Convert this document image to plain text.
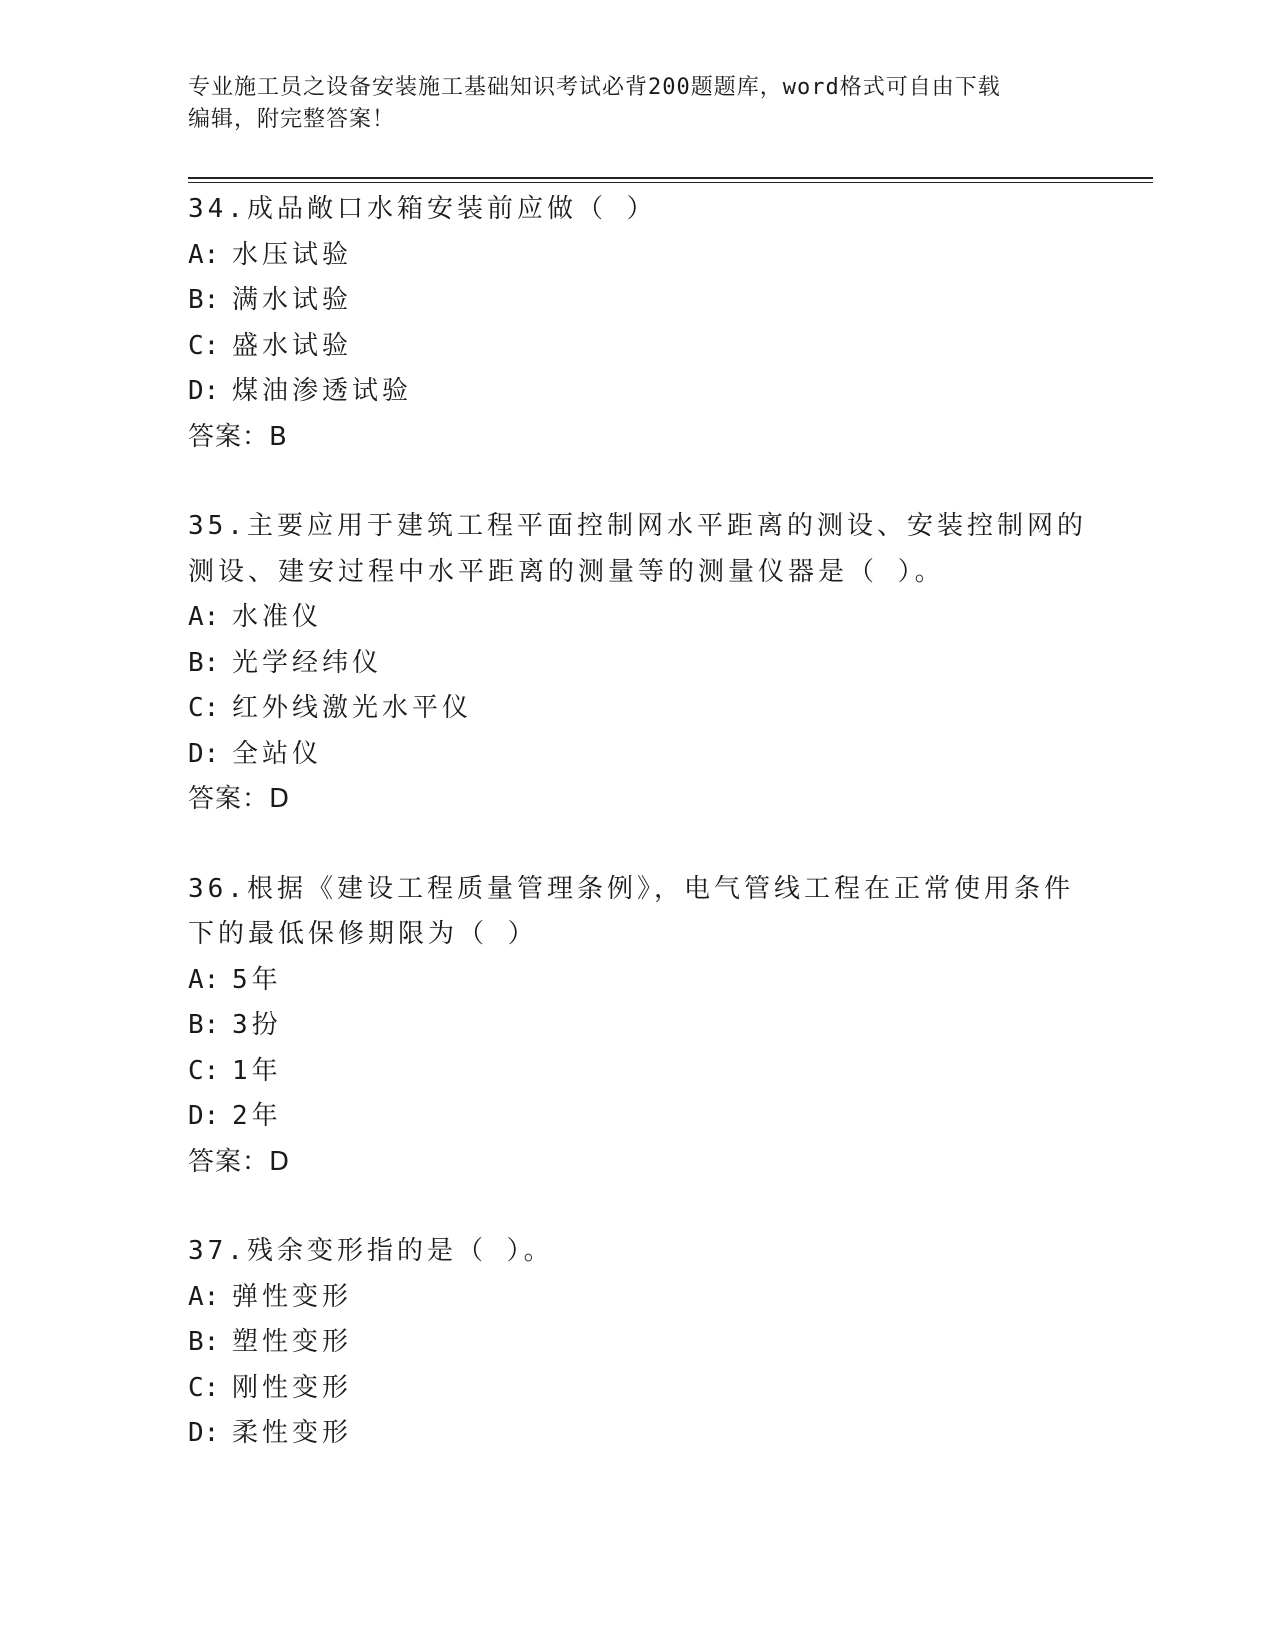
专业施工员之设备安装施工基础知识考试必背200题题库，word格式可自由下载
编辑，附完整答案！
34.成品敞口水箱安装前应做（ ）
A: 水压试验
B: 满水试验
C: 盛水试验
D: 煤油渗透试验
答案：B
35.主要应用于建筑工程平面控制网水平距离的测设、安装控制网的测设、建安过程中水平距离的测量等的测量仪器是（ ）。
A: 水准仪
B: 光学经纬仪
C: 红外线激光水平仪
D: 全站仪
答案：D
36.根据《建设工程质量管理条例》，电气管线工程在正常使用条件下的最低保修期限为（ ）
A: 5年
B: 3扮
C: 1年
D: 2年
答案：D
37.残余变形指的是（ ）。
A: 弹性变形
B: 塑性变形
C: 刚性变形
D: 柔性变形
